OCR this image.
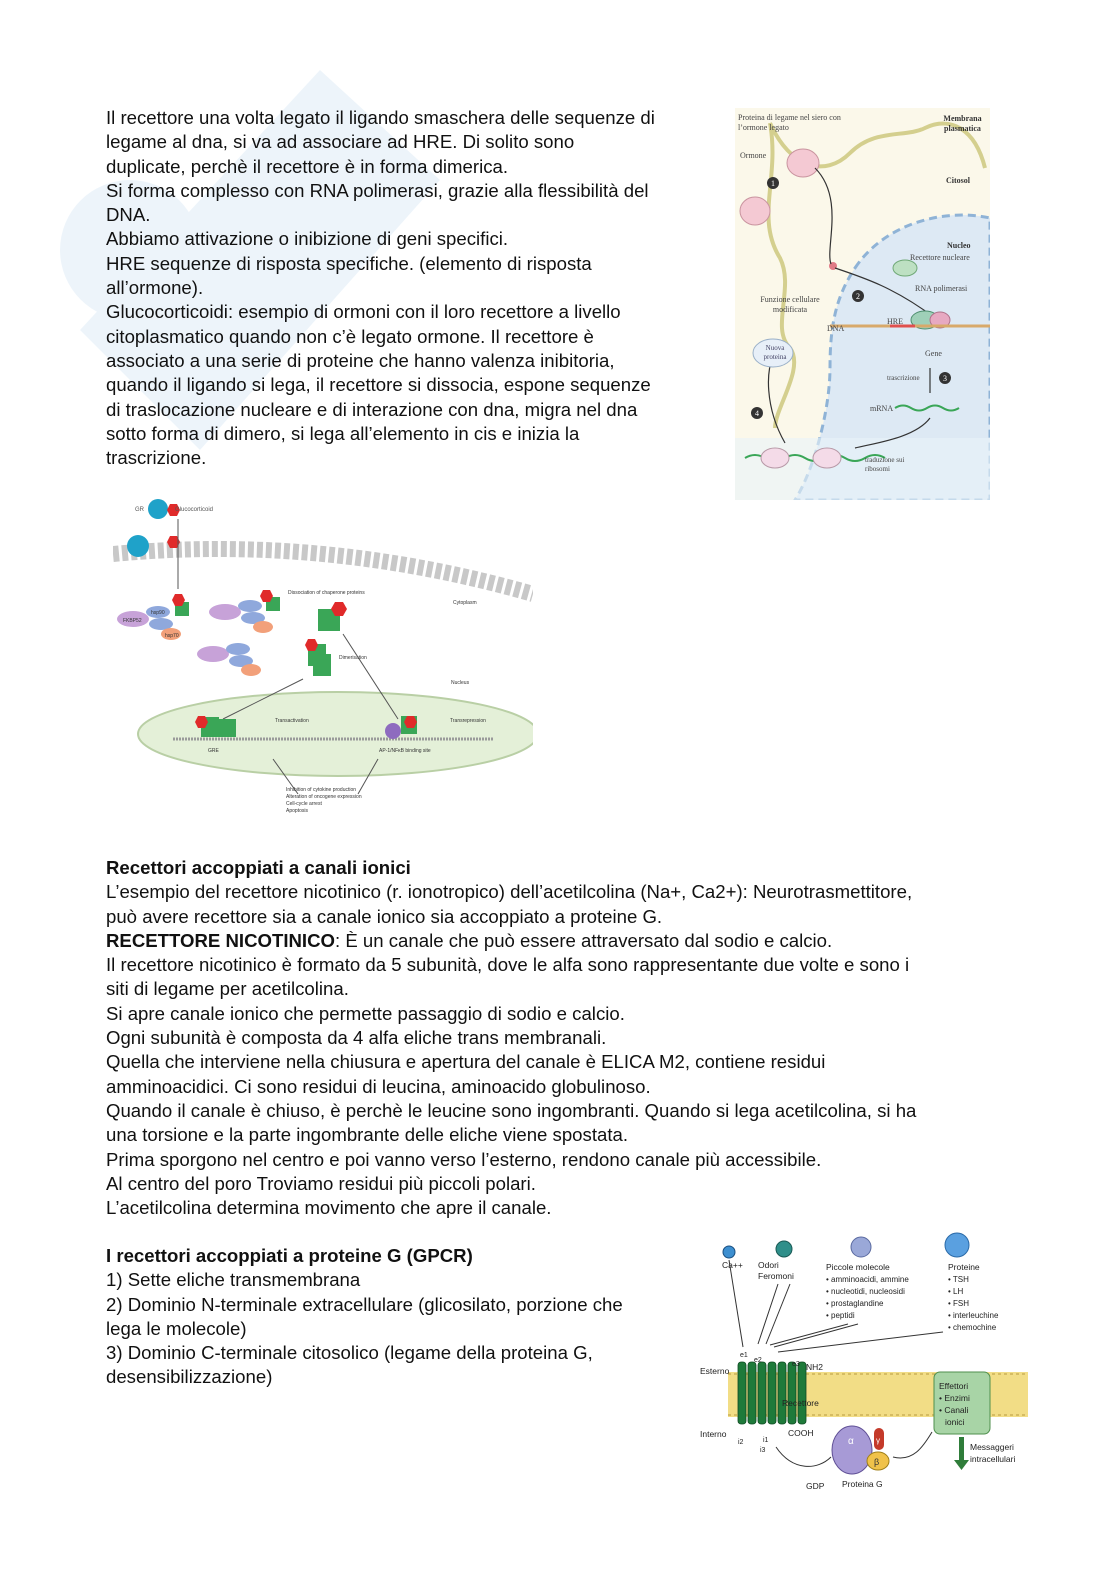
Il recettore una volta legato il ligando smaschera delle sequenze di

legame al dna, si va ad associare ad HRE. Di solito sono

duplicate, perchè il recettore è in forma dimerica.

Si forma complesso con RNA polimerasi, grazie alla flessibilità del

DNA.

Abbiamo attivazione o inibizione di geni specifici.

HRE sequenze di risposta specifiche. (elemento di risposta

all’ormone).

Glucocorticoidi: esempio di ormoni con il loro recettore a livello

citoplasmatico quando non c’è legato ormone. Il recettore è

associato a una serie di proteine che hanno valenza inibitoria,

quando il ligando si lega, il recettore si dissocia, espone sequenze

di traslocazione nucleare e di interazione con dna, migra nel dna

sotto forma di dimero, si lega all’elemento in cis e inizia la

trascrizione.

1
2
3
4
Proteina di legame nel siero con l’ormone legato
Membrana plasmatica
Ormone
Citosol
Nucleo
Recettore nucleare
RNA polimerasi
Funzione cellulare modificata
HRE
DNA
Nuova proteina	Gene
trascrizione
mRNA
traduzione sui ribosomi
GR	Glucocorticoid
FKBP52
hsp90
hsp70
Dissociation of chaperone proteins
Cytoplasm
Dimerisation
Nucleus
Transactivation	Transrepression
GRE	AP-1/NFκB binding site
Inhibition of cytokine production
Alteration of oncogene expression
Cell-cycle arrest
Apoptosis

Recettori accoppiati a canali ionici

L’esempio del recettore nicotinico (r. ionotropico) dell’acetilcolina (Na+, Ca2+): Neurotrasmettitore,

può avere recettore sia a canale ionico sia accoppiato a proteine G.

RECETTORE NICOTINICO: È un canale che può essere attraversato dal sodio e calcio.

Il recettore nicotinico è formato da 5 subunità, dove le alfa sono rappresentante due volte e sono i

siti di legame per acetilcolina.

Si apre canale ionico che permette passaggio di sodio e calcio.

Ogni subunità è composta da 4 alfa eliche trans membranali.

Quella che interviene nella chiusura e apertura del canale è ELICA M2, contiene residui

amminoacidici. Ci sono residui di leucina, aminoacido globulinoso.

Quando il canale è chiuso, è perchè le leucine sono ingombranti. Quando si lega acetilcolina, si ha

una torsione e la parte ingombrante delle eliche viene spostata.

Prima sporgono nel centro e poi vanno verso l’esterno, rendono canale più accessibile.

Al centro del poro Troviamo residui più piccoli polari.

L’acetilcolina determina movimento che apre il canale.

I recettori accoppiati a proteine G (GPCR)

1) Sette eliche transmembrana

2) Dominio N-terminale extracellulare (glicosilato, porzione che

lega le molecole)

3) Dominio C-terminale citosolico (legame della proteina G,

desensibilizzazione)

Ca++ Odori
Feromoni
Piccole molecole
• amminoacidi, ammine
• nucleotidi, nucleosidi
• prostaglandine
• peptidi
Proteine
• TSH
• LH
• FSH
• interleuchine
• chemochine
Esterno
Interno
NH2
COOH
Recettore
e1
e2
e3
i1
i2
i3
α
β
γ
GDP Proteina G
Effettori
• Enzimi
• Canali
ionici
Messaggeri
intracellulari
